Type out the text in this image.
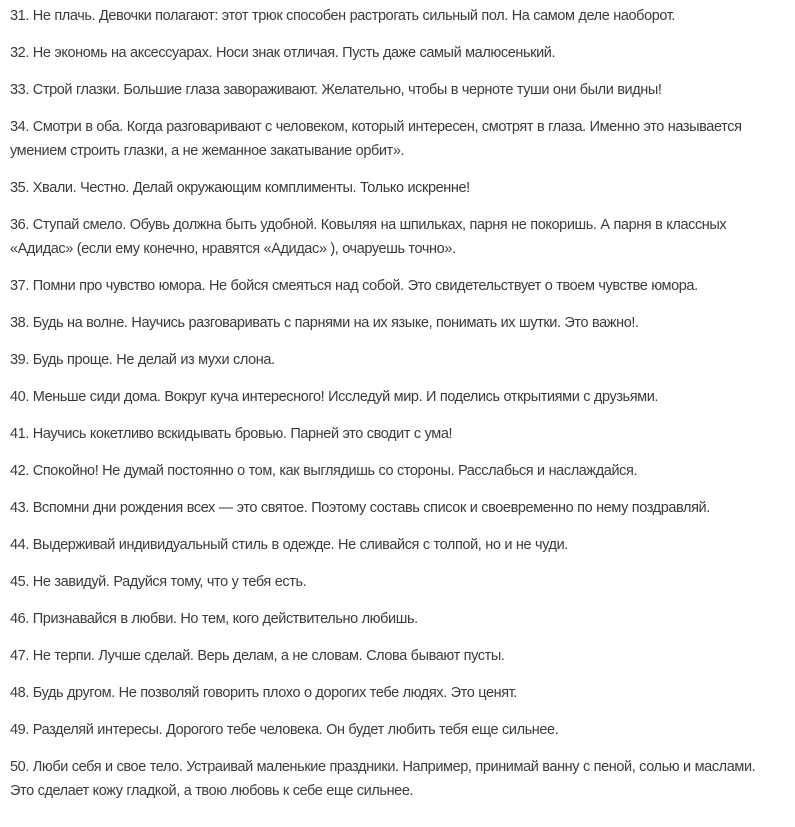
31. Не плачь. Девочки полагают: этот трюк способен растрогать сильный пол. На самом деле наоборот.

32. Не экономь на аксессуарах. Носи знак отличая. Пусть даже самый малюсенький.

33. Строй глазки. Большие глаза завораживают. Желательно, чтобы в черноте туши они были видны!

34. Смотри в оба. Когда разговаривают с человеком, который интересен, смотрят в глаза. Именно это называется умением строить глазки, а не жеманное закатывание орбит».

35. Хвали. Честно. Делай окружающим комплименты. Только искренне!

36. Ступай смело. Обувь должна быть удобной. Ковыляя на шпильках, парня не покоришь. А парня в классных «Адидас» (если ему конечно, нравятся «Адидас» ), очаруешь точно».

37. Помни про чувство юмора. Не бойся смеяться над собой. Это свидетельствует о твоем чувстве юмора.

38. Будь на волне. Научись разговаривать с парнями на их языке, понимать их шутки. Это важно!.

39. Будь проще. Не делай из мухи слона.

40. Меньше сиди дома. Вокруг куча интересного! Исследуй мир. И поделись открытиями с друзьями.

41. Научись кокетливо вскидывать бровью. Парней это сводит с ума!

42. Спокойно! Не думай постоянно о том, как выглядишь со стороны. Расслабься и наслаждайся.

43. Вспомни дни рождения всех — это святое. Поэтому составь список и своевременно по нему поздравляй.

44. Выдерживай индивидуальный стиль в одежде. Не сливайся с толпой, но и не чуди.

45. Не завидуй. Радуйся тому, что у тебя есть.

46. Признавайся в любви. Но тем, кого действительно любишь.

47. Не терпи. Лучше сделай. Верь делам, а не словам. Слова бывают пусты.

48. Будь другом. Не позволяй говорить плохо о дорогих тебе людях. Это ценят.

49. Разделяй интересы. Дорогого тебе человека. Он будет любить тебя еще сильнее.

50. Люби себя и свое тело. Устраивай маленькие праздники. Например, принимай ванну с пеной, солью и маслами. Это сделает кожу гладкой, а твою любовь к себе еще сильнее.
